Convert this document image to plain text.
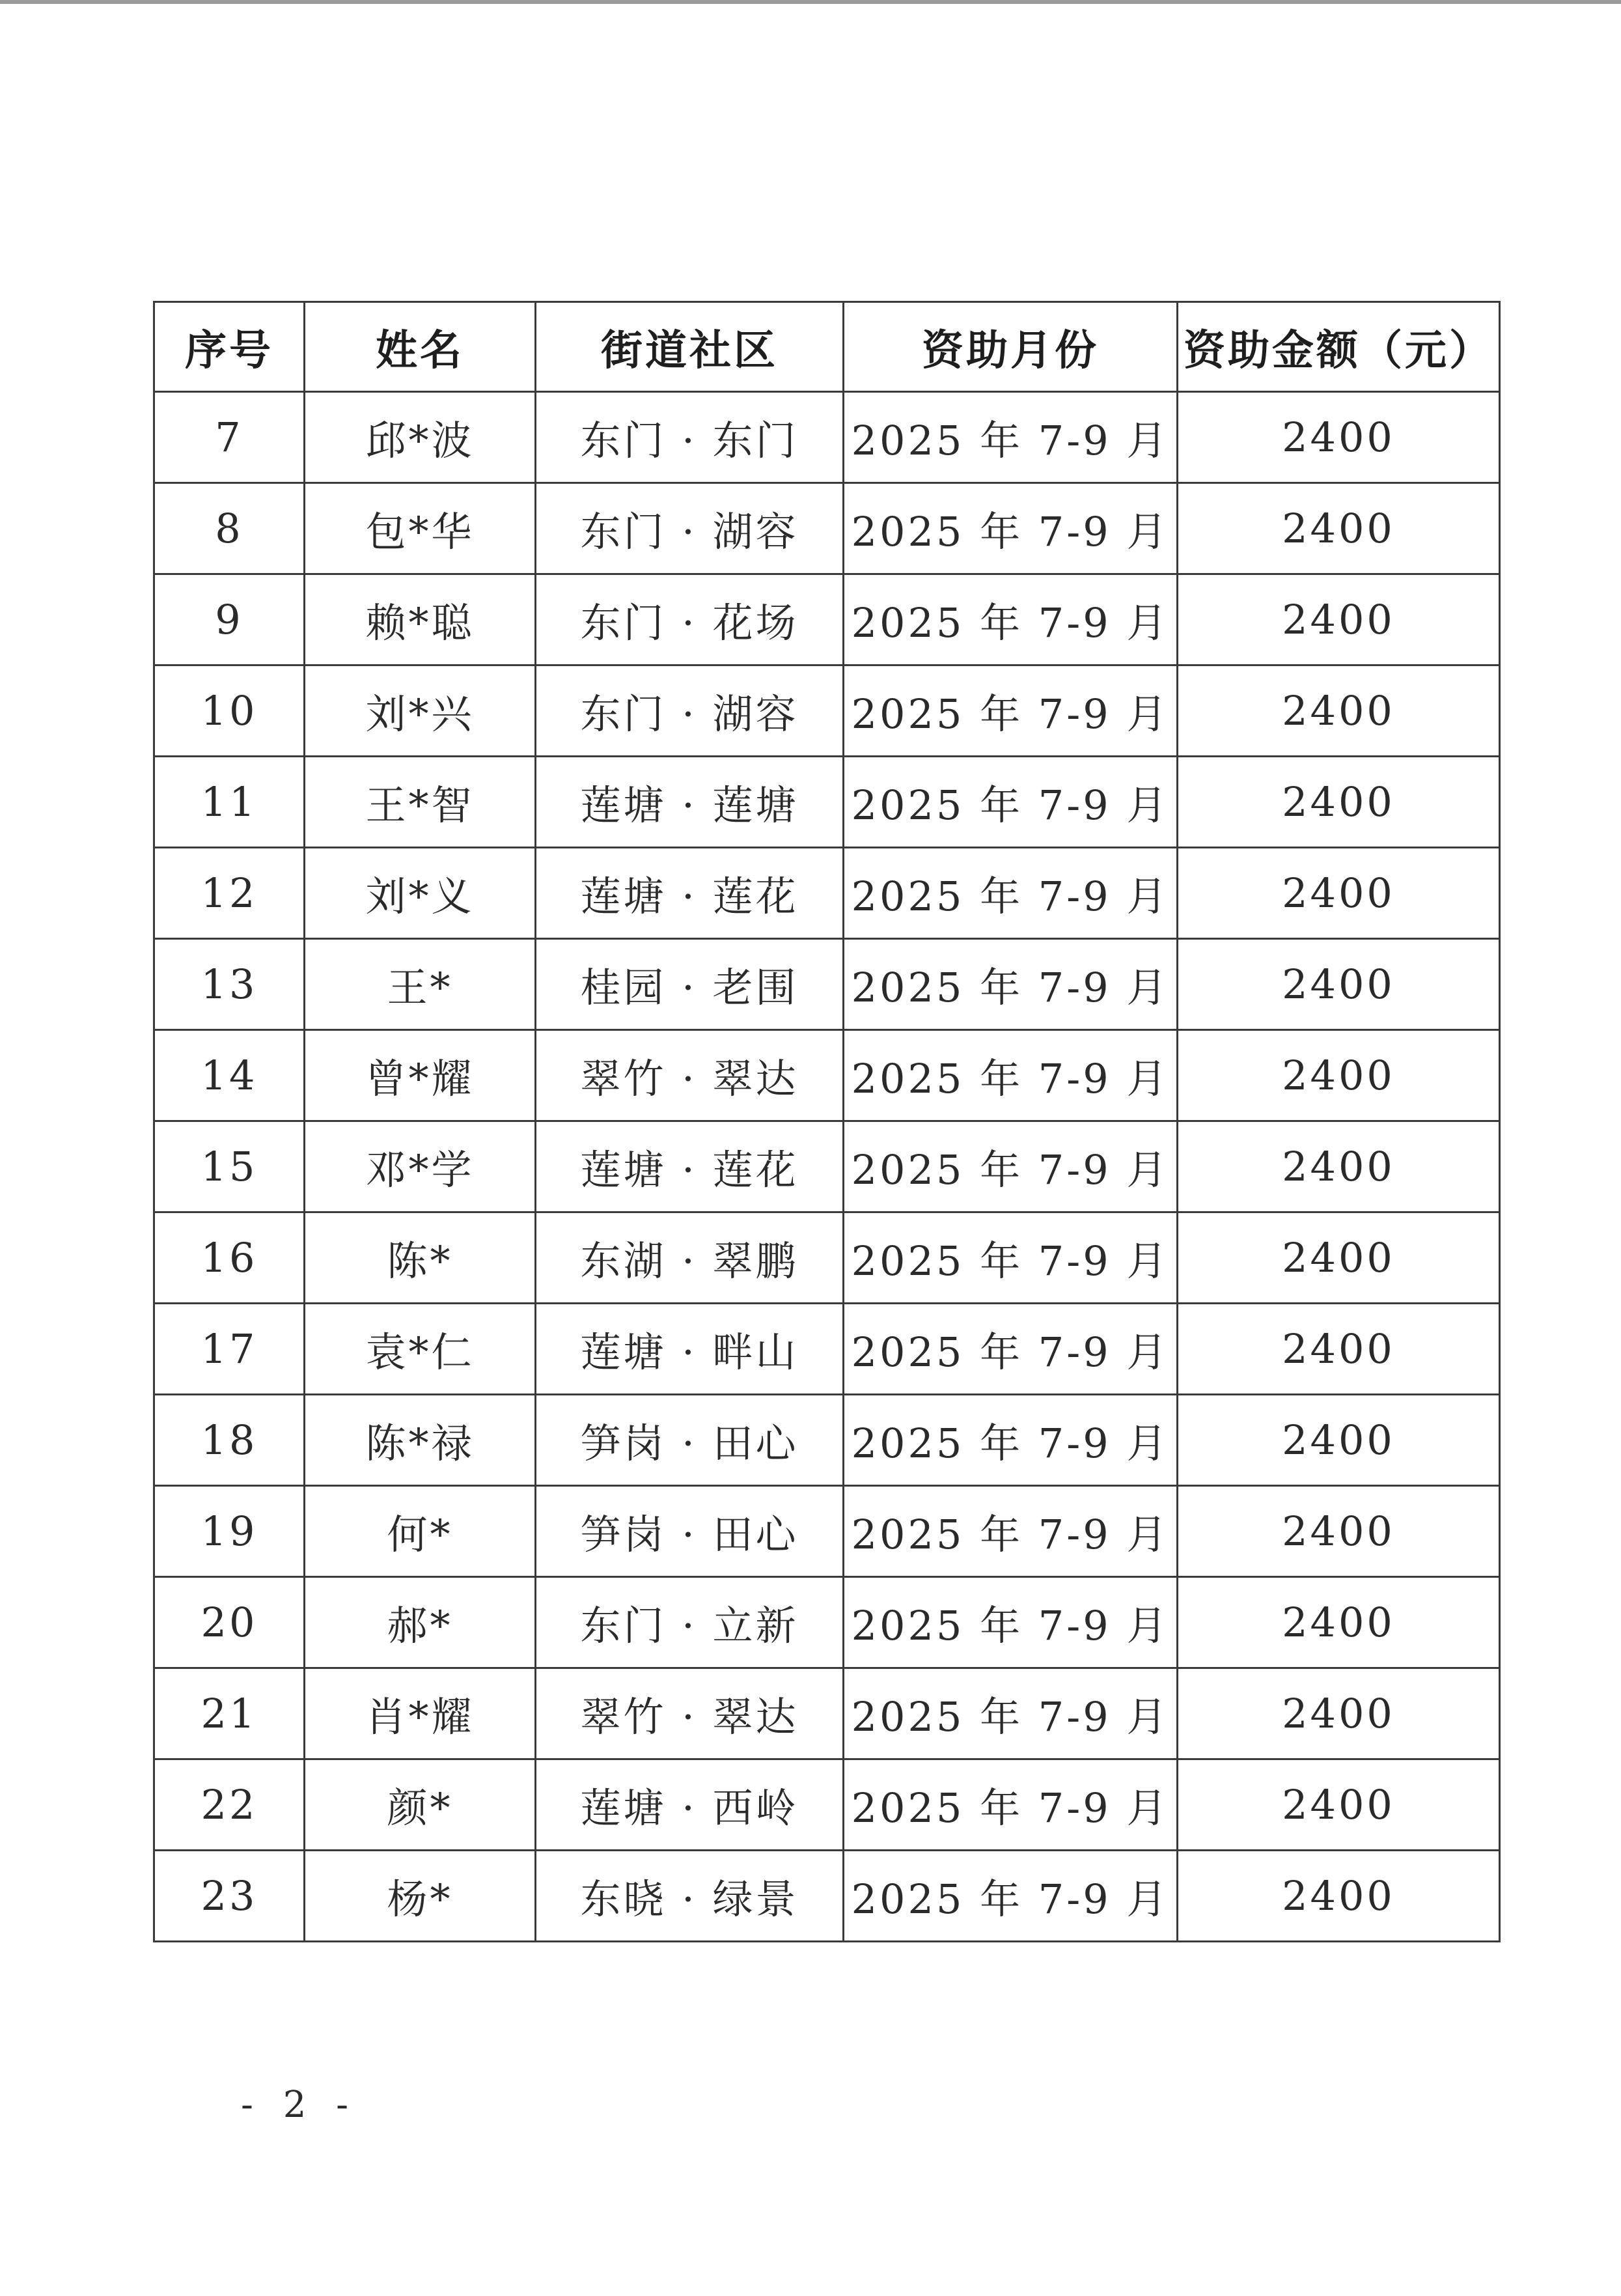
序号	姓名	街道社区	资助月份	资助金额（元）
7	邱*波	东门 · 东门	2025 年 7-9 月	2400
8	包*华	东门 · 湖容	2025 年 7-9 月	2400
9	赖*聪	东门 · 花场	2025 年 7-9 月	2400
10	刘*兴	东门 · 湖容	2025 年 7-9 月	2400
11	王*智	莲塘 · 莲塘	2025 年 7-9 月	2400
12	刘*义	莲塘 · 莲花	2025 年 7-9 月	2400
13	王*	桂园 · 老围	2025 年 7-9 月	2400
14	曾*耀	翠竹 · 翠达	2025 年 7-9 月	2400
15	邓*学	莲塘 · 莲花	2025 年 7-9 月	2400
16	陈*	东湖 · 翠鹏	2025 年 7-9 月	2400
17	袁*仁	莲塘 · 畔山	2025 年 7-9 月	2400
18	陈*禄	笋岗 · 田心	2025 年 7-9 月	2400
19	何*	笋岗 · 田心	2025 年 7-9 月	2400
20	郝*	东门 · 立新	2025 年 7-9 月	2400
21	肖*耀	翠竹 · 翠达	2025 年 7-9 月	2400
22	颜*	莲塘 · 西岭	2025 年 7-9 月	2400
23	杨*	东晓 · 绿景	2025 年 7-9 月	2400
- 2 -
